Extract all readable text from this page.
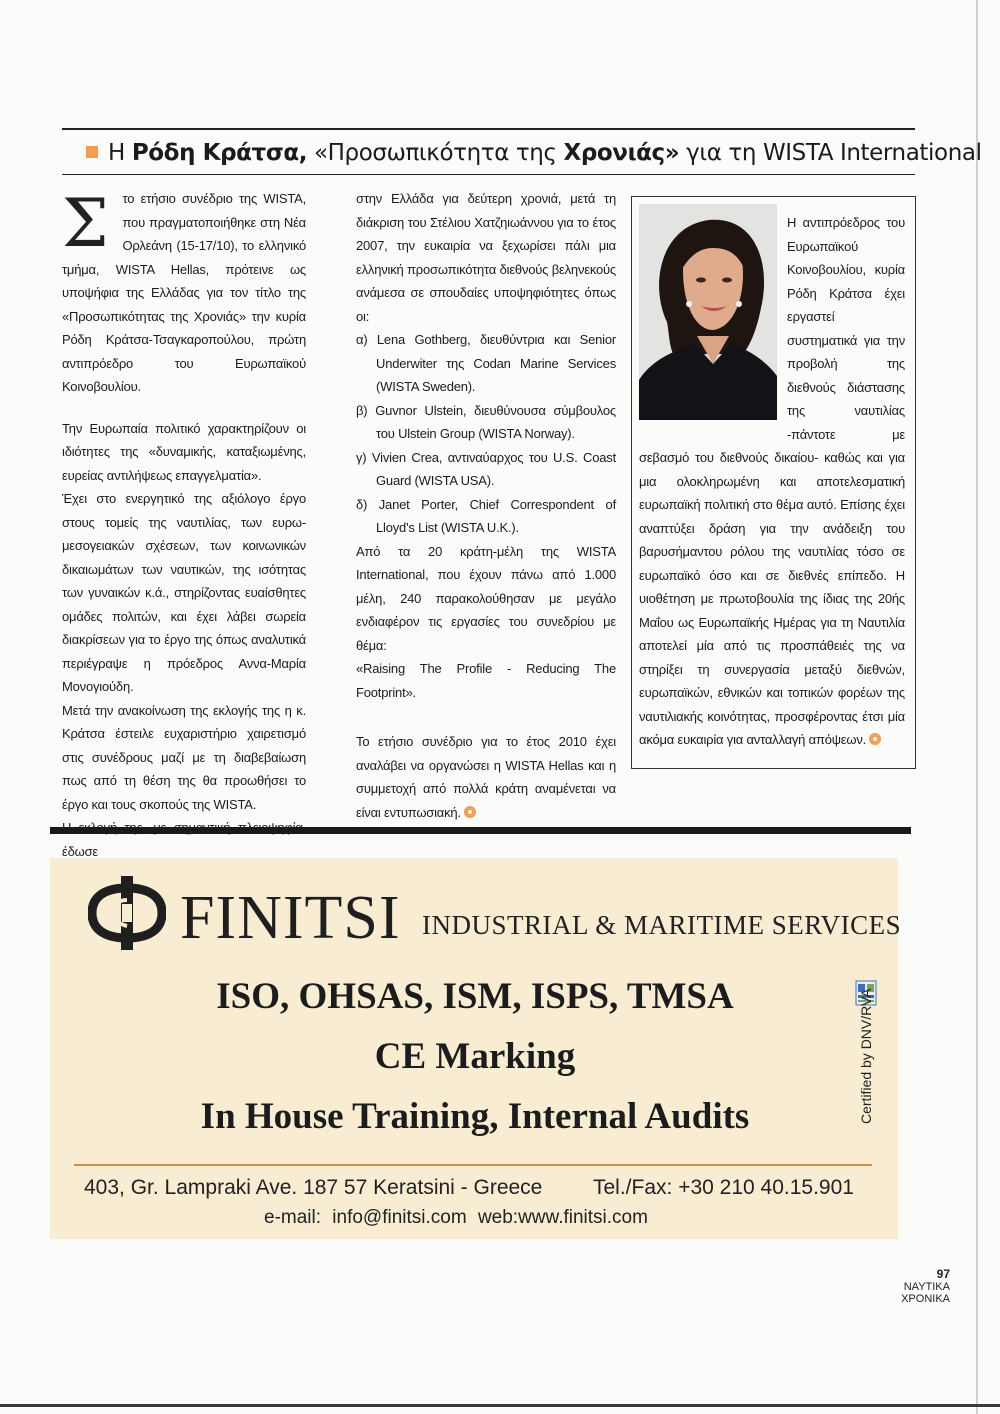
Η Ρόδη Κράτσα, «Προσωπικότητα της Χρονιάς» για τη WISTA International
Σ	το ετήσιο συνέδριο της WISTA, που πραγματοποιήθηκε στη Νέα Ορλεάνη (15-17/10), το ελληνικό τμήμα, WISTA Hellas, πρότεινε ως υποψήφια της Ελλάδας για τον τίτλο της «Προσωπικότητας της Χρονιάς» την κυρία Ρόδη Κράτσα-Τσαγκαροπούλου, πρώτη αντιπρόεδρο του Ευρωπαϊκού Κοινοβουλίου.

Την Ευρωπαία πολιτικό χαρακτηρίζουν οι ιδιότητες της «δυναμικής, καταξιωμένης, ευρείας αντιλήψεως επαγγελματία».

Έχει στο ενεργητικό της αξιόλογο έργο στους τομείς της ναυτιλίας, των ευρω-μεσογειακών σχέσεων, των κοινωνικών δικαιωμάτων των ναυτικών, της ισότητας των γυναικών κ.ά., στηρίζοντας ευαίσθητες ομάδες πολιτών, και έχει λάβει σωρεία διακρίσεων για το έργο της όπως αναλυτικά περιέγραψε η πρόεδρος Αννα-Μαρία Μονογιούδη.

Μετά την ανακοίνωση της εκλογής της η κ. Κράτσα έστειλε ευχαριστήριο χαιρετισμό στις συνέδρους μαζί με τη διαβεβαίωση πως από τη θέση της θα προωθήσει το έργο και τους σκοπούς της WISTA.

έδωσε

στην Ελλάδα για δεύτερη χρονιά, μετά τη διάκριση του Στέλιου Χατζηιωάννου για το έτος 2007, την ευκαιρία να ξεχωρίσει πάλι μια ελληνική προσωπικότητα διεθνούς βεληνεκούς ανάμεσα σε σπουδαίες υποψηφιότητες όπως οι:

α) Lena Gothberg, διευθύντρια και Senior Underwiter της Codan Marine Services (WISTA Sweden).

β) Guvnor Ulstein, διευθύνουσα σύμβουλος του Ulstein Group (WISTA Norway).

γ) Vivien Crea, αντιναύαρχος του U.S. Coast Guard (WISTA USA).

δ) Janet Porter, Chief Correspondent of Lloyd's List (WISTA U.K.).

Από τα 20 κράτη-μέλη της WISTA International, που έχουν πάνω από 1.000 μέλη, 240 παρακολούθησαν με μεγάλο ενδιαφέρον τις εργασίες του συνεδρίου με θέμα:

«Raising The Profile - Reducing The Footprint».

Το ετήσιο συνέδριο για το έτος 2010 έχει αναλάβει να οργανώσει η WISTA Hellas και η συμμετοχή από πολλά κράτη αναμένεται να είναι εντυπωσιακή.

Η αντιπρόεδρος του Ευρωπαϊκού Κοινοβουλίου, κυρία Ρόδη Κράτσα έχει εργαστεί συστηματικά για την προβολή της διεθνούς διάστασης της ναυτιλίας -πάντοτε με σεβασμό του διεθνούς δικαίου- καθώς και για μια ολοκληρωμένη και αποτελεσματική ευρωπαϊκή πολιτική στο θέμα αυτό. Επίσης έχει αναπτύξει δράση για την ανάδειξη του βαρυσήμαντου ρόλου της ναυτιλίας τόσο σε ευρωπαϊκό όσο και σε διεθνές επίπεδο. Η υιοθέτηση με πρωτοβουλία της ίδιας της 20ής Μαΐου ως Ευρωπαϊκής Ημέρας για τη Ναυτιλία αποτελεί μία από τις προσπάθειές της να στηρίξει τη συνεργασία μεταξύ διεθνών, ευρωπαϊκών, εθνικών και τοπικών φορέων της ναυτιλιακής κοινότητας, προσφέροντας έτσι μία ακόμα ευκαιρία για ανταλλαγή απόψεων.

FINITSI INDUSTRIAL & MARITIME SERVICES
ISO, OHSAS, ISM, ISPS, TMSA
CE Marking
In House Training, Internal Audits	Certified by DNV/RVA
403, Gr. Lampraki Ave. 187 57 Keratsini - Greece Tel./Fax: +30 210 40.15.901
e-mail: info@finitsi.com web:www.finitsi.com
97
ΝΑΥΤΙΚΑ
ΧΡΟΝΙΚΑ
